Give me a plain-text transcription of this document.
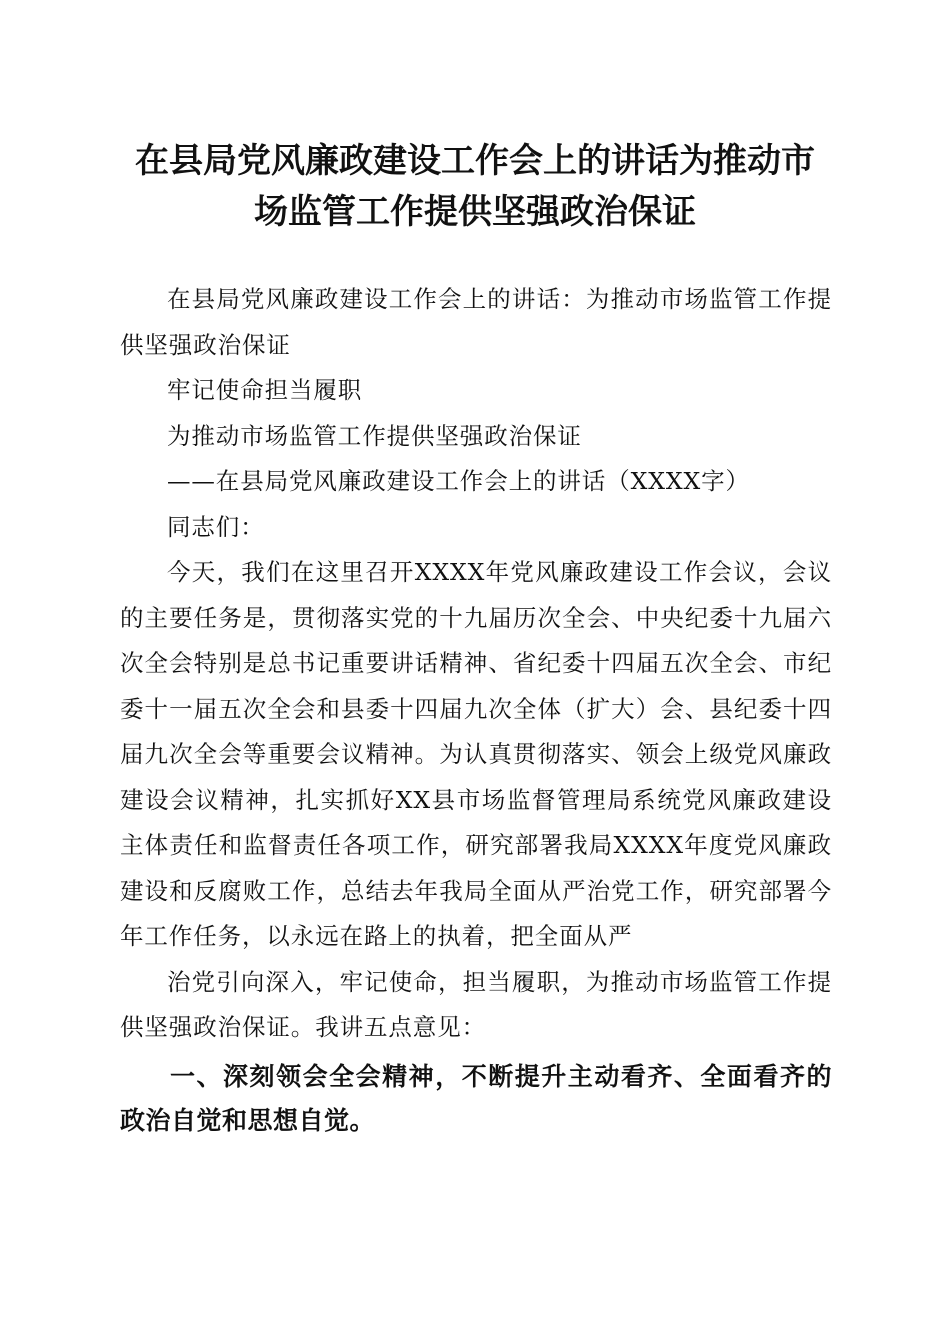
在县局党风廉政建设工作会上的讲话为推动市
场监管工作提供坚强政治保证

在县局党风廉政建设工作会上的讲话：为推动市场监管工作提供坚强政治保证

牢记使命担当履职

为推动市场监管工作提供坚强政治保证

——在县局党风廉政建设工作会上的讲话（XXXX字）

同志们：

今天，我们在这里召开XXXX年党风廉政建设工作会议，会议的主要任务是，贯彻落实党的十九届历次全会、中央纪委十九届六次全会特别是总书记重要讲话精神、省纪委十四届五次全会、市纪委十一届五次全会和县委十四届九次全体（扩大）会、县纪委十四届九次全会等重要会议精神。为认真贯彻落实、领会上级党风廉政建设会议精神，扎实抓好XX县市场监督管理局系统党风廉政建设主体责任和监督责任各项工作，研究部署我局XXXX年度党风廉政建设和反腐败工作，总结去年我局全面从严治党工作，研究部署今年工作任务，以永远在路上的执着，把全面从严

治党引向深入，牢记使命，担当履职，为推动市场监管工作提供坚强政治保证。我讲五点意见：

一、深刻领会全会精神，不断提升主动看齐、全面看齐的政治自觉和思想自觉。
